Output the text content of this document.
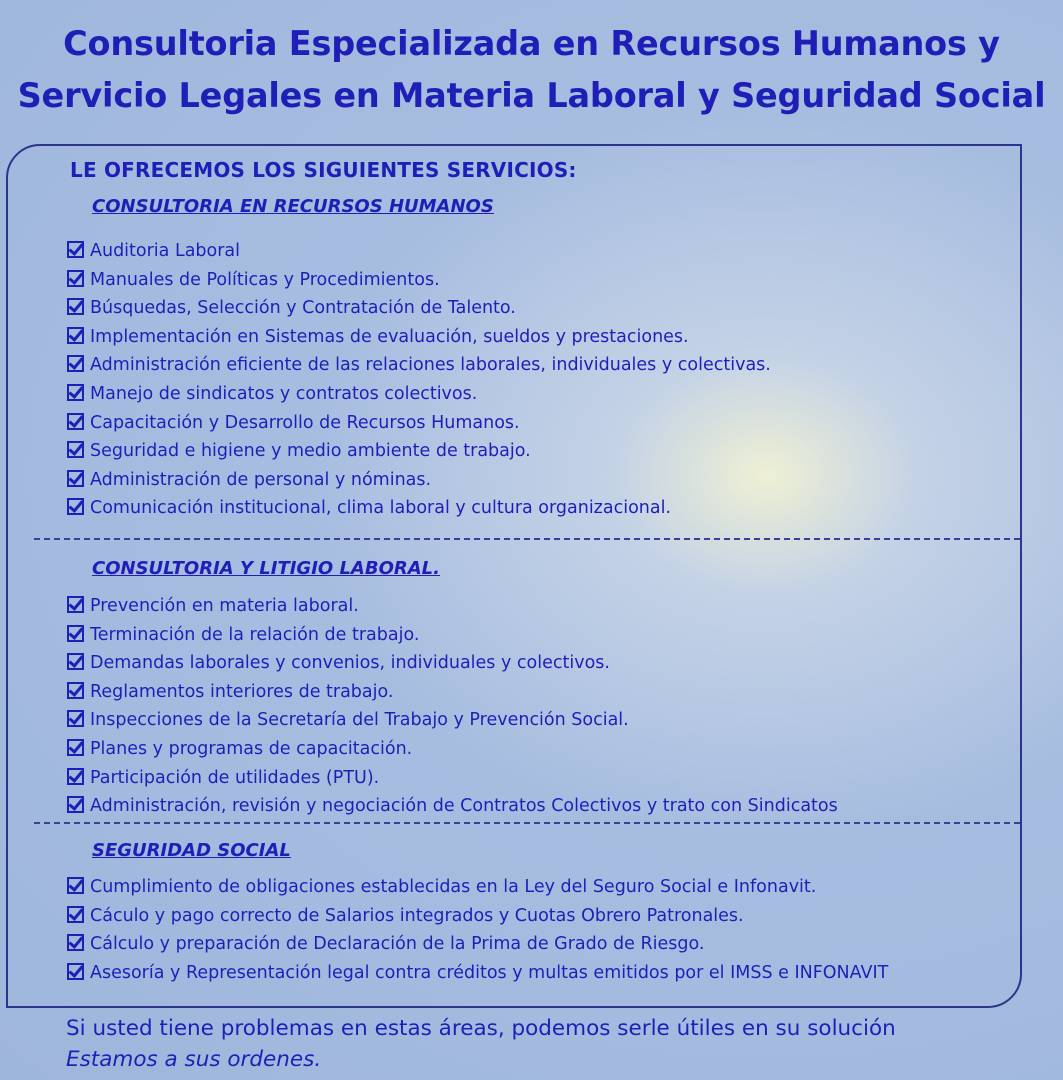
Consultoria Especializada en Recursos Humanos y
Servicio Legales en Materia Laboral y Seguridad Social
LE OFRECEMOS LOS SIGUIENTES SERVICIOS:
CONSULTORIA EN RECURSOS HUMANOS
Auditoria Laboral
Manuales de Políticas y Procedimientos.
Búsquedas, Selección y Contratación de Talento.
Implementación en Sistemas de evaluación, sueldos y prestaciones.
Administración eficiente de las relaciones laborales, individuales y colectivas.
Manejo de sindicatos y contratos colectivos.
Capacitación y Desarrollo de Recursos Humanos.
Seguridad e higiene y medio ambiente de trabajo.
Administración de personal y nóminas.
Comunicación institucional, clima laboral y cultura organizacional.
CONSULTORIA Y LITIGIO LABORAL.
Prevención en materia laboral.
Terminación de la relación de trabajo.
Demandas laborales y convenios, individuales y colectivos.
Reglamentos interiores de trabajo.
Inspecciones de la Secretaría del Trabajo y Prevención Social.
Planes y programas de capacitación.
Participación de utilidades (PTU).
Administración, revisión y negociación de Contratos Colectivos y trato con Sindicatos
SEGURIDAD SOCIAL
Cumplimiento de obligaciones establecidas en la Ley del Seguro Social e Infonavit.
Cáculo y pago correcto de Salarios integrados y Cuotas Obrero Patronales.
Cálculo y preparación de Declaración de la Prima de Grado de Riesgo.
Asesoría y Representación legal contra créditos y multas emitidos por el IMSS e INFONAVIT

Si usted tiene problemas en estas áreas, podemos serle útiles en su solución
Estamos a sus ordenes.
